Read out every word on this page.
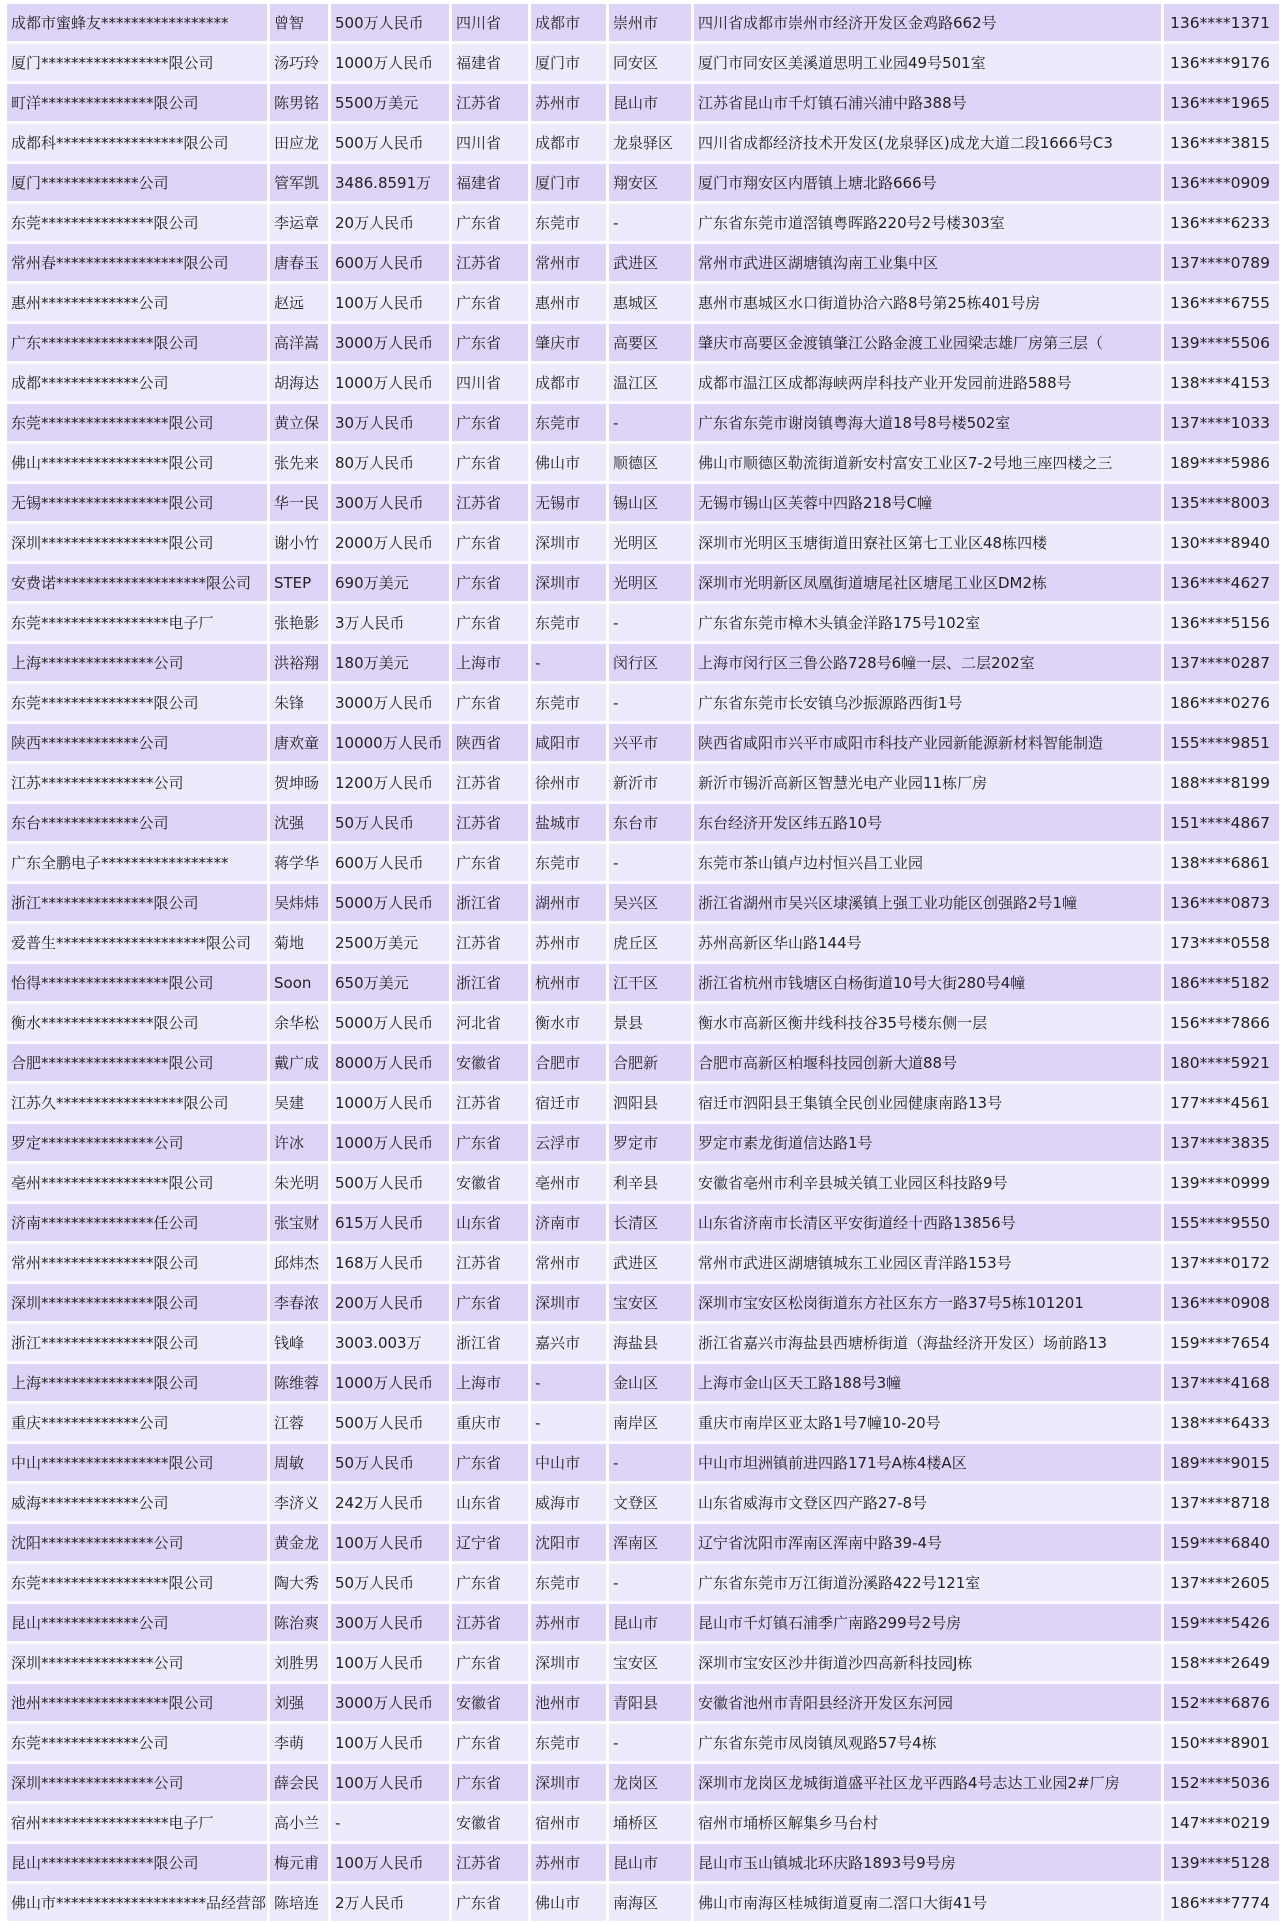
成都市蜜蜂友*****************	曾智	500万人民币	四川省	成都市	崇州市	四川省成都市崇州市经济开发区金鸡路662号	136****1371
厦门*****************限公司	汤巧玲	1000万人民币	福建省	厦门市	同安区	厦门市同安区美溪道思明工业园49号501室	136****9176
町洋***************限公司	陈男铭	5500万美元	江苏省	苏州市	昆山市	江苏省昆山市千灯镇石浦兴浦中路388号	136****1965
成都科*****************限公司	田应龙	500万人民币	四川省	成都市	龙泉驿区	四川省成都经济技术开发区(龙泉驿区)成龙大道二段1666号C3	136****3815
厦门*************公司	管军凯	3486.8591万	福建省	厦门市	翔安区	厦门市翔安区内厝镇上塘北路666号	136****0909
东莞***************限公司	李运章	20万人民币	广东省	东莞市	-	广东省东莞市道滘镇粤晖路220号2号楼303室	136****6233
常州春*****************限公司	唐春玉	600万人民币	江苏省	常州市	武进区	常州市武进区湖塘镇沟南工业集中区	137****0789
惠州*************公司	赵远	100万人民币	广东省	惠州市	惠城区	惠州市惠城区水口街道协洽六路8号第25栋401号房	136****6755
广东***************限公司	高洋嵩	3000万人民币	广东省	肇庆市	高要区	肇庆市高要区金渡镇肇江公路金渡工业园梁志雄厂房第三层（	139****5506
成都*************公司	胡海达	1000万人民币	四川省	成都市	温江区	成都市温江区成都海峡两岸科技产业开发园前进路588号	138****4153
东莞*****************限公司	黄立保	30万人民币	广东省	东莞市	-	广东省东莞市谢岗镇粤海大道18号8号楼502室	137****1033
佛山*****************限公司	张先来	80万人民币	广东省	佛山市	顺德区	佛山市顺德区勒流街道新安村富安工业区7-2号地三座四楼之三	189****5986
无锡*****************限公司	华一民	300万人民币	江苏省	无锡市	锡山区	无锡市锡山区芙蓉中四路218号C幢	135****8003
深圳*****************限公司	谢小竹	2000万人民币	广东省	深圳市	光明区	深圳市光明区玉塘街道田寮社区第七工业区48栋四楼	130****8940
安费诺********************限公司	STEP	690万美元	广东省	深圳市	光明区	深圳市光明新区凤凰街道塘尾社区塘尾工业区DM2栋	136****4627
东莞*****************电子厂	张艳影	3万人民币	广东省	东莞市	-	广东省东莞市樟木头镇金洋路175号102室	136****5156
上海***************公司	洪裕翔	180万美元	上海市	-	闵行区	上海市闵行区三鲁公路728号6幢一层、二层202室	137****0287
东莞***************限公司	朱锋	3000万人民币	广东省	东莞市	-	广东省东莞市长安镇乌沙振源路西街1号	186****0276
陕西*************公司	唐欢童	10000万人民币	陕西省	咸阳市	兴平市	陕西省咸阳市兴平市咸阳市科技产业园新能源新材料智能制造	155****9851
江苏***************公司	贺坤旸	1200万人民币	江苏省	徐州市	新沂市	新沂市锡沂高新区智慧光电产业园11栋厂房	188****8199
东台*************公司	沈强	50万人民币	江苏省	盐城市	东台市	东台经济开发区纬五路10号	151****4867
广东全鹏电子*****************	蒋学华	600万人民币	广东省	东莞市	-	东莞市茶山镇卢边村恒兴昌工业园	138****6861
浙江***************限公司	吴炜炜	5000万人民币	浙江省	湖州市	吴兴区	浙江省湖州市吴兴区埭溪镇上强工业功能区创强路2号1幢	136****0873
爱普生********************限公司	菊地	2500万美元	江苏省	苏州市	虎丘区	苏州高新区华山路144号	173****0558
怡得*****************限公司	Soon	650万美元	浙江省	杭州市	江干区	浙江省杭州市钱塘区白杨街道10号大街280号4幢	186****5182
衡水***************限公司	余华松	5000万人民币	河北省	衡水市	景县	衡水市高新区衡井线科技谷35号楼东侧一层	156****7866
合肥*****************限公司	戴广成	8000万人民币	安徽省	合肥市	合肥新	合肥市高新区柏堰科技园创新大道88号	180****5921
江苏久*****************限公司	吴建	1000万人民币	江苏省	宿迁市	泗阳县	宿迁市泗阳县王集镇全民创业园健康南路13号	177****4561
罗定***************公司	许冰	1000万人民币	广东省	云浮市	罗定市	罗定市素龙街道信达路1号	137****3835
亳州*****************限公司	朱光明	500万人民币	安徽省	亳州市	利辛县	安徽省亳州市利辛县城关镇工业园区科技路9号	139****0999
济南***************任公司	张宝财	615万人民币	山东省	济南市	长清区	山东省济南市长清区平安街道经十西路13856号	155****9550
常州***************限公司	邱炜杰	168万人民币	江苏省	常州市	武进区	常州市武进区湖塘镇城东工业园区青洋路153号	137****0172
深圳***************限公司	李春浓	200万人民币	广东省	深圳市	宝安区	深圳市宝安区松岗街道东方社区东方一路37号5栋101201	136****0908
浙江***************限公司	钱峰	3003.003万	浙江省	嘉兴市	海盐县	浙江省嘉兴市海盐县西塘桥街道（海盐经济开发区）场前路13	159****7654
上海***************限公司	陈维蓉	1000万人民币	上海市	-	金山区	上海市金山区天工路188号3幢	137****4168
重庆*************公司	江蓉	500万人民币	重庆市	-	南岸区	重庆市南岸区亚太路1号7幢10-20号	138****6433
中山*****************限公司	周敏	50万人民币	广东省	中山市	-	中山市坦洲镇前进四路171号A栋4楼A区	189****9015
威海*************公司	李济义	242万人民币	山东省	威海市	文登区	山东省威海市文登区四产路27-8号	137****8718
沈阳***************公司	黄金龙	100万人民币	辽宁省	沈阳市	浑南区	辽宁省沈阳市浑南区浑南中路39-4号	159****6840
东莞*****************限公司	陶大秀	50万人民币	广东省	东莞市	-	广东省东莞市万江街道汾溪路422号121室	137****2605
昆山*************公司	陈治爽	300万人民币	江苏省	苏州市	昆山市	昆山市千灯镇石浦季广南路299号2号房	159****5426
深圳***************公司	刘胜男	100万人民币	广东省	深圳市	宝安区	深圳市宝安区沙井街道沙四高新科技园J栋	158****2649
池州*****************限公司	刘强	3000万人民币	安徽省	池州市	青阳县	安徽省池州市青阳县经济开发区东河园	152****6876
东莞*************公司	李萌	100万人民币	广东省	东莞市	-	广东省东莞市凤岗镇凤观路57号4栋	150****8901
深圳***************公司	薛会民	100万人民币	广东省	深圳市	龙岗区	深圳市龙岗区龙城街道盛平社区龙平西路4号志达工业园2#厂房	152****5036
宿州*****************电子厂	高小兰	-	安徽省	宿州市	埇桥区	宿州市埇桥区解集乡马台村	147****0219
昆山***************限公司	梅元甫	100万人民币	江苏省	苏州市	昆山市	昆山市玉山镇城北环庆路1893号9号房	139****5128
佛山市********************品经营部	陈培连	2万人民币	广东省	佛山市	南海区	佛山市南海区桂城街道夏南二滘口大街41号	186****7774
